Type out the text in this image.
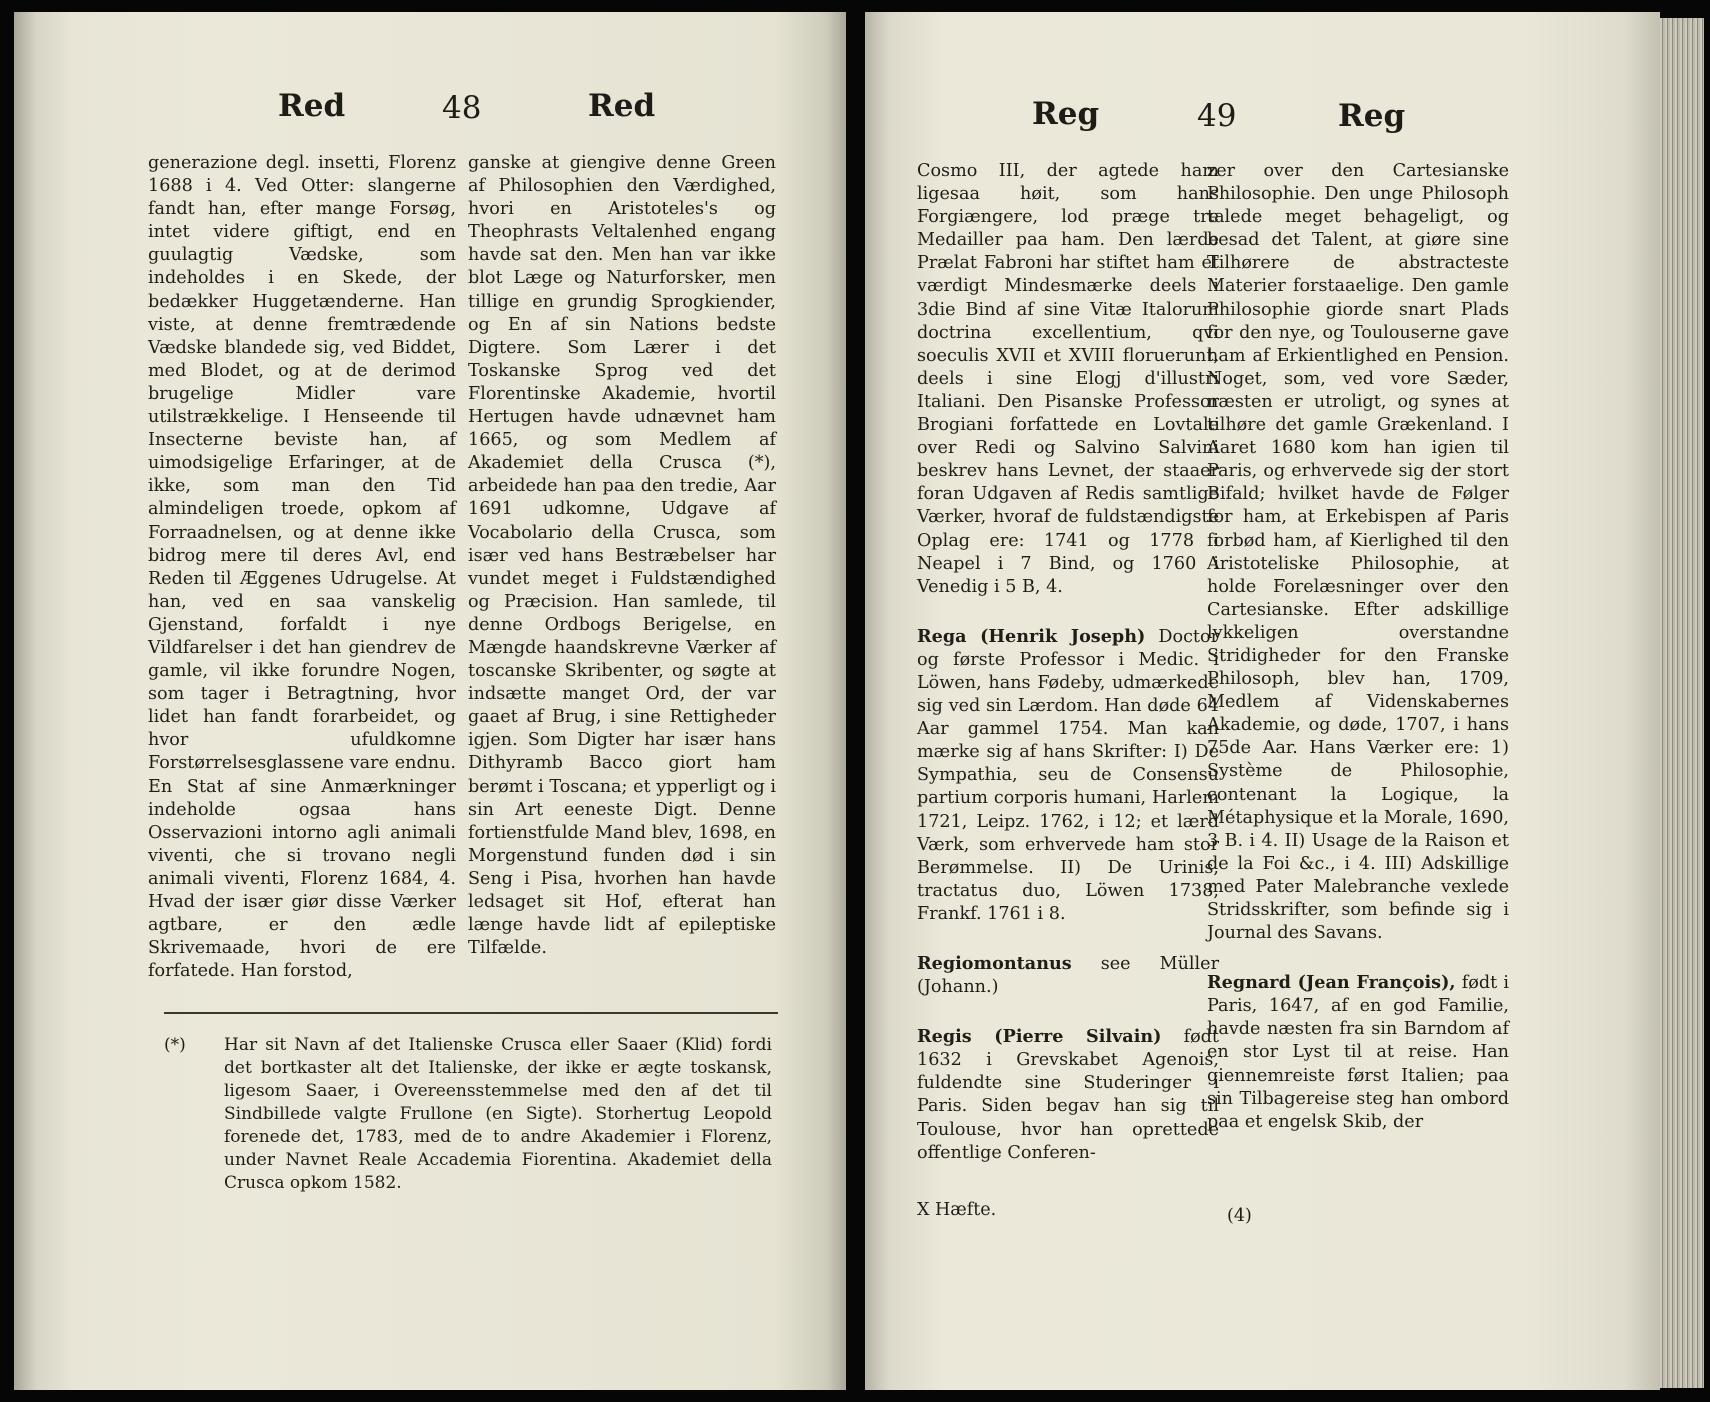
Red	48	Red

generazione degl. insetti, Florenz 1688 i 4. Ved Otter: slangerne fandt han, efter mange Forsøg, intet videre giftigt, end en guulagtig Vædske, som indeholdes i en Skede, der bedækker Huggetænderne. Han viste, at denne fremtrædende Vædske blandede sig, ved Biddet, med Blodet, og at de derimod brugelige Midler vare utilstrækkelige. I Henseende til Insecterne beviste han, af uimodsigelige Erfaringer, at de ikke, som man den Tid almindeligen troede, opkom af Forraadnelsen, og at denne ikke bidrog mere til deres Avl, end Reden til Æggenes Udrugelse. At han, ved en saa vanskelig Gjenstand, forfaldt i nye Vildfarelser i det han giendrev de gamle, vil ikke forundre Nogen, som tager i Betragtning, hvor lidet han fandt forarbeidet, og hvor ufuldkomne Forstørrelsesglassene vare endnu. En Stat af sine Anmærkninger indeholde ogsaa hans Osservazioni intorno agli animali viventi, che si trovano negli animali viventi, Florenz 1684, 4. Hvad der især giør disse Værker agtbare, er den ædle Skrivemaade, hvori de ere forfatede. Han forstod,

ganske at giengive denne Green af Philosophien den Værdighed, hvori en Aristoteles's og Theophrasts Veltalenhed engang havde sat den. Men han var ikke blot Læge og Naturforsker, men tillige en grundig Sprogkiender, og En af sin Nations bedste Digtere. Som Lærer i det Toskanske Sprog ved det Florentinske Akademie, hvortil Hertugen havde udnævnet ham 1665, og som Medlem af Akademiet della Crusca (*), arbeidede han paa den tredie, Aar 1691 udkomne, Udgave af Vocabolario della Crusca, som især ved hans Bestræbelser har vundet meget i Fuldstændighed og Præcision. Han samlede, til denne Ordbogs Berigelse, en Mængde haandskrevne Værker af toscanske Skribenter, og søgte at indsætte manget Ord, der var gaaet af Brug, i sine Rettigheder igjen. Som Digter har især hans Dithyramb Bacco giort ham berømt i Toscana; et ypperligt og i sin Art eeneste Digt. Denne fortienstfulde Mand blev, 1698, en Morgenstund funden død i sin Seng i Pisa, hvorhen han havde ledsaget sit Hof, efterat han længe havde lidt af epileptiske Tilfælde.

(*) Har sit Navn af det Italienske Crusca eller Saaer (Klid) fordi det bortkaster alt det Italienske, der ikke er ægte toskansk, ligesom Saaer, i Overeensstemmelse med den af det til Sindbillede valgte Frullone (en Sigte). Storhertug Leopold forenede det, 1783, med de to andre Akademier i Florenz, under Navnet Reale Accademia Fiorentina. Akademiet della Crusca opkom 1582.
Reg	49	Reg

Cosmo III, der agtede ham ligesaa høit, som hans Forgiængere, lod præge tre Medailler paa ham. Den lærde Prælat Fabroni har stiftet ham et værdigt Mindesmærke deels i 3die Bind af sine Vitæ Italorum doctrina excellentium, qvi soeculis XVII et XVIII floruerunt, deels i sine Elogj d'illustri Italiani. Den Pisanske Professor Brogiani forfattede en Lovtale over Redi og Salvino Salvini beskrev hans Levnet, der staaer foran Udgaven af Redis samtlige Værker, hvoraf de fuldstændigste Oplag ere: 1741 og 1778 i Neapel i 7 Bind, og 1760 i Venedig i 5 B, 4.

Rega (Henrik Joseph) Doctor og første Professor i Medic. i Löwen, hans Fødeby, udmærkede sig ved sin Lærdom. Han døde 64 Aar gammel 1754. Man kan mærke sig af hans Skrifter: I) De Sympathia, seu de Consensu partium corporis humani, Harlem 1721, Leipz. 1762, i 12; et lærd Værk, som erhvervede ham stor Berømmelse. II) De Urinis, tractatus duo, Löwen 1738, Frankf. 1761 i 8.

Regiomontanus see Müller (Johann.)

Regis (Pierre Silvain) født 1632 i Grevskabet Agenois, fuldendte sine Studeringer i Paris. Siden begav han sig til Toulouse, hvor han oprettede offentlige Conferen-

zer over den Cartesianske Philosophie. Den unge Philosoph talede meget behageligt, og besad det Talent, at giøre sine Tilhørere de abstracteste Materier forstaaelige. Den gamle Philosophie giorde snart Plads for den nye, og Toulouserne gave ham af Erkientlighed en Pension. Noget, som, ved vore Sæder, næsten er utroligt, og synes at tilhøre det gamle Grækenland. I Aaret 1680 kom han igien til Paris, og erhvervede sig der stort Bifald; hvilket havde de Følger for ham, at Erkebispen af Paris forbød ham, af Kierlighed til den Aristoteliske Philosophie, at holde Forelæsninger over den Cartesianske. Efter adskillige lykkeligen overstandne Stridigheder for den Franske Philosoph, blev han, 1709, Medlem af Videnskabernes Akademie, og døde, 1707, i hans 75de Aar. Hans Værker ere: 1) Système de Philosophie, contenant la Logique, la Métaphysique et la Morale, 1690, 3 B. i 4. II) Usage de la Raison et de la Foi &c., i 4. III) Adskillige med Pater Malebranche vexlede Stridsskrifter, som befinde sig i Journal des Savans.

Regnard (Jean François), født i Paris, 1647, af en god Familie, havde næsten fra sin Barndom af en stor Lyst til at reise. Han giennemreiste først Italien; paa sin Tilbagereise steg han ombord paa et engelsk Skib, der

X Hæfte.	(4)
